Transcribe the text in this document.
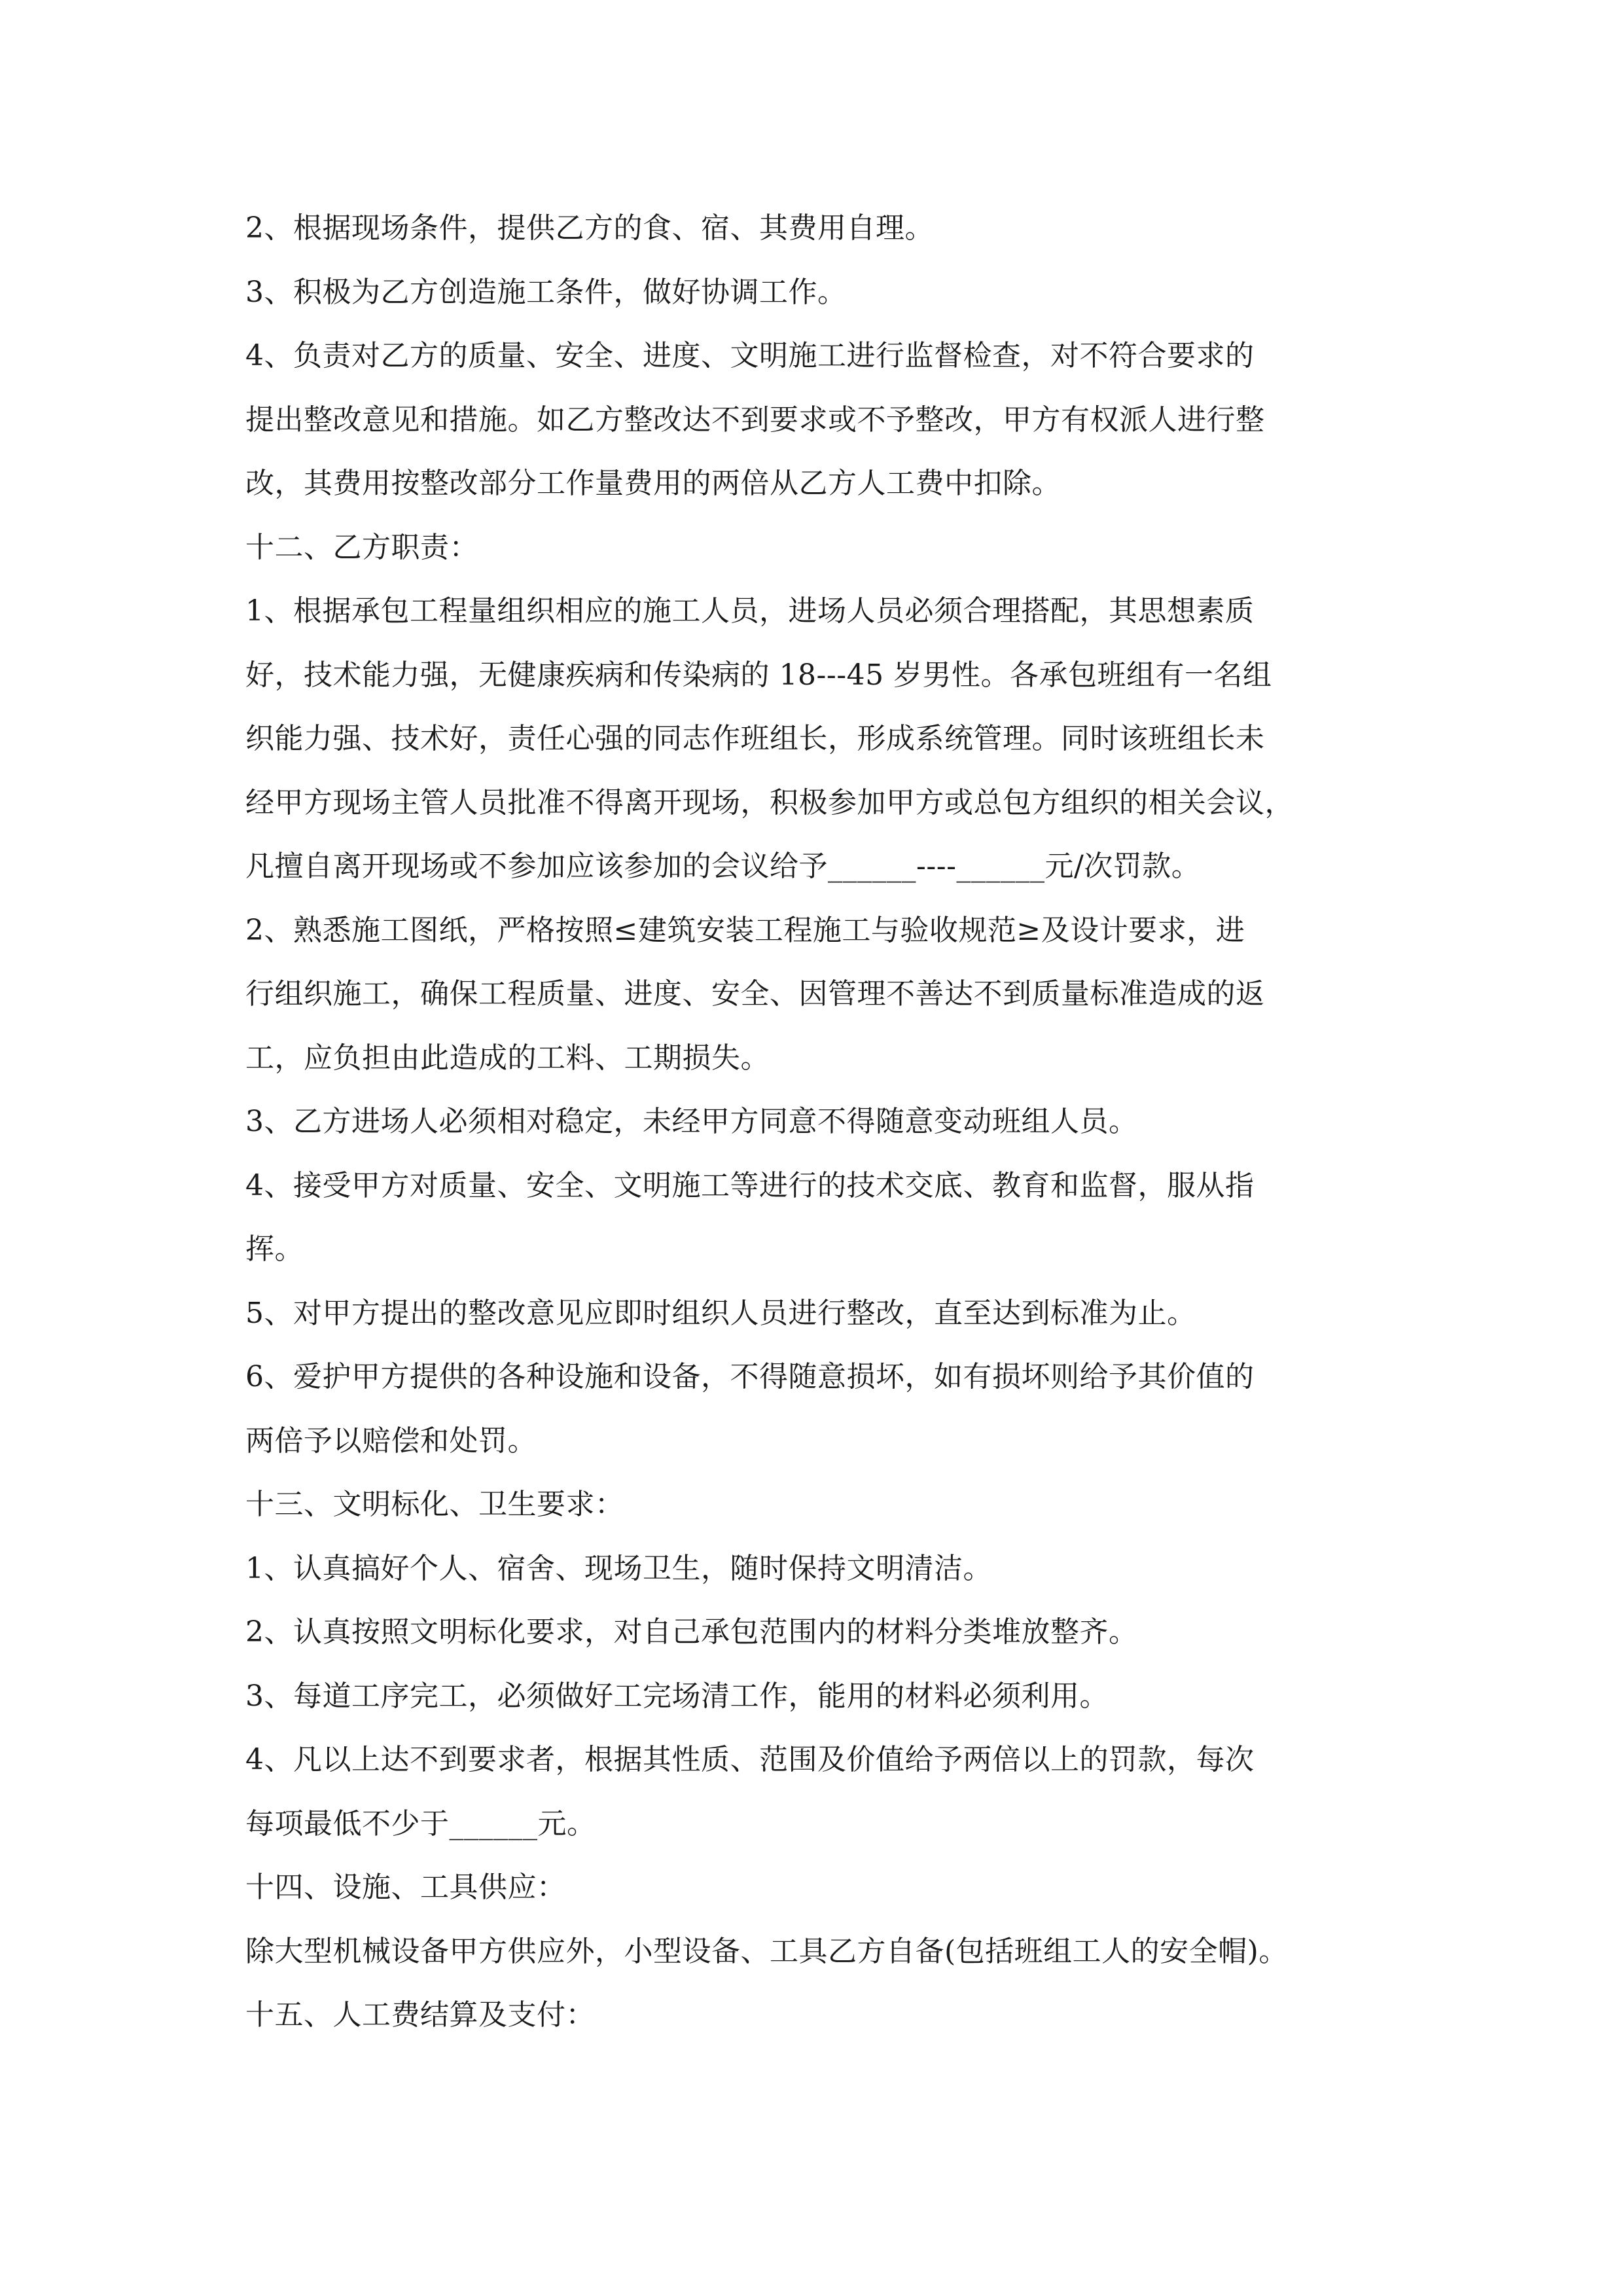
2、根据现场条件，提供乙方的食、宿、其费用自理。
3、积极为乙方创造施工条件，做好协调工作。
4、负责对乙方的质量、安全、进度、文明施工进行监督检查，对不符合要求的
提出整改意见和措施。如乙方整改达不到要求或不予整改，甲方有权派人进行整
改，其费用按整改部分工作量费用的两倍从乙方人工费中扣除。
十二、乙方职责：
1、根据承包工程量组织相应的施工人员，进场人员必须合理搭配，其思想素质
好，技术能力强，无健康疾病和传染病的 18---45 岁男性。各承包班组有一名组
织能力强、技术好，责任心强的同志作班组长，形成系统管理。同时该班组长未
经甲方现场主管人员批准不得离开现场，积极参加甲方或总包方组织的相关会议，
凡擅自离开现场或不参加应该参加的会议给予______----______元/次罚款。
2、熟悉施工图纸，严格按照≤建筑安装工程施工与验收规范≥及设计要求，进
行组织施工，确保工程质量、进度、安全、因管理不善达不到质量标准造成的返
工，应负担由此造成的工料、工期损失。
3、乙方进场人必须相对稳定，未经甲方同意不得随意变动班组人员。
4、接受甲方对质量、安全、文明施工等进行的技术交底、教育和监督，服从指
挥。
5、对甲方提出的整改意见应即时组织人员进行整改，直至达到标准为止。
6、爱护甲方提供的各种设施和设备，不得随意损坏，如有损坏则给予其价值的
两倍予以赔偿和处罚。
十三、文明标化、卫生要求：
1、认真搞好个人、宿舍、现场卫生，随时保持文明清洁。
2、认真按照文明标化要求，对自己承包范围内的材料分类堆放整齐。
3、每道工序完工，必须做好工完场清工作，能用的材料必须利用。
4、凡以上达不到要求者，根据其性质、范围及价值给予两倍以上的罚款，每次
每项最低不少于______元。
十四、设施、工具供应：
除大型机械设备甲方供应外，小型设备、工具乙方自备(包括班组工人的安全帽)。
十五、人工费结算及支付：
